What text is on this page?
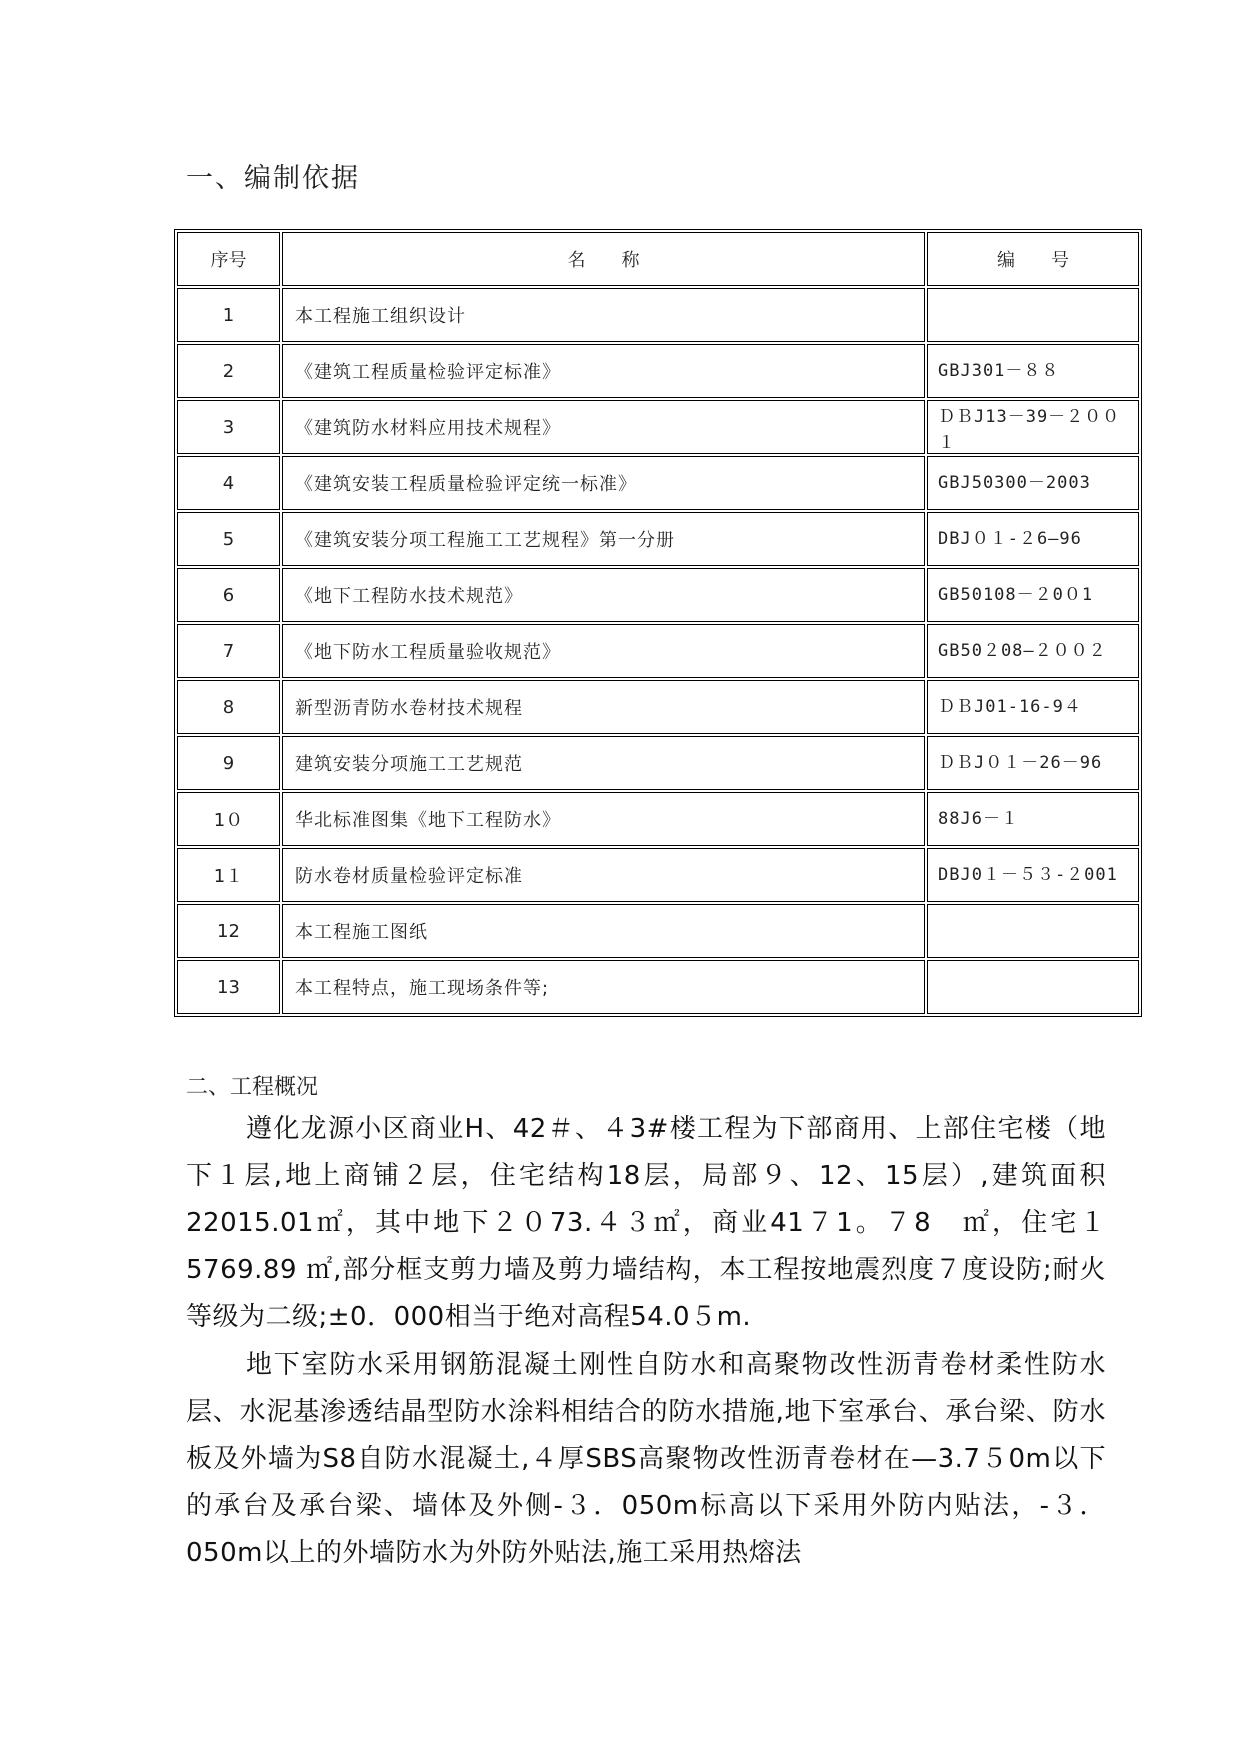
一、编制依据
序号	名　　称	编　　号
1	本工程施工组织设计	

2	《建筑工程质量检验评定标准》	GBJ301－８８

3	《建筑防水材料应用技术规程》	ＤＢJ13－39－２００１

4	《建筑安装工程质量检验评定统一标准》	GBJ50300－2003

5	《建筑安装分项工程施工工艺规程》第一分册	DBJ０１-２6—96

6	《地下工程防水技术规范》	GB50108－２0０1

7	《地下防水工程质量验收规范》	GB50２08—２００２

8	新型沥青防水卷材技术规程	ＤＢJ01-16-9４

9	建筑安装分项施工工艺规范	ＤＢJ０１－26－96

1０	华北标准图集《地下工程防水》	88J6－１

1１	防水卷材质量检验评定标准	DBJ0１－５３-２001

12	本工程施工图纸	

13	本工程特点，施工现场条件等;	
二、工程概况

遵化龙源小区商业H、42＃、４3#楼工程为下部商用、上部住宅楼（地下１层,地上商铺２层，住宅结构18层，局部９、12、15层）,建筑面积22015.01㎡，其中地下２０73.４３㎡，商业41７1。７8　㎡，住宅１5769.89 ㎡,部分框支剪力墙及剪力墙结构，本工程按地震烈度７度设防;耐火等级为二级;±0．000相当于绝对高程54.0５m.

地下室防水采用钢筋混凝土刚性自防水和高聚物改性沥青卷材柔性防水层、水泥基渗透结晶型防水涂料相结合的防水措施,地下室承台、承台梁、防水板及外墙为S8自防水混凝土,４厚SBS高聚物改性沥青卷材在—3.7５0m以下的承台及承台梁、墙体及外侧-３．050m标高以下采用外防内贴法，-３．050m以上的外墙防水为外防外贴法,施工采用热熔法
